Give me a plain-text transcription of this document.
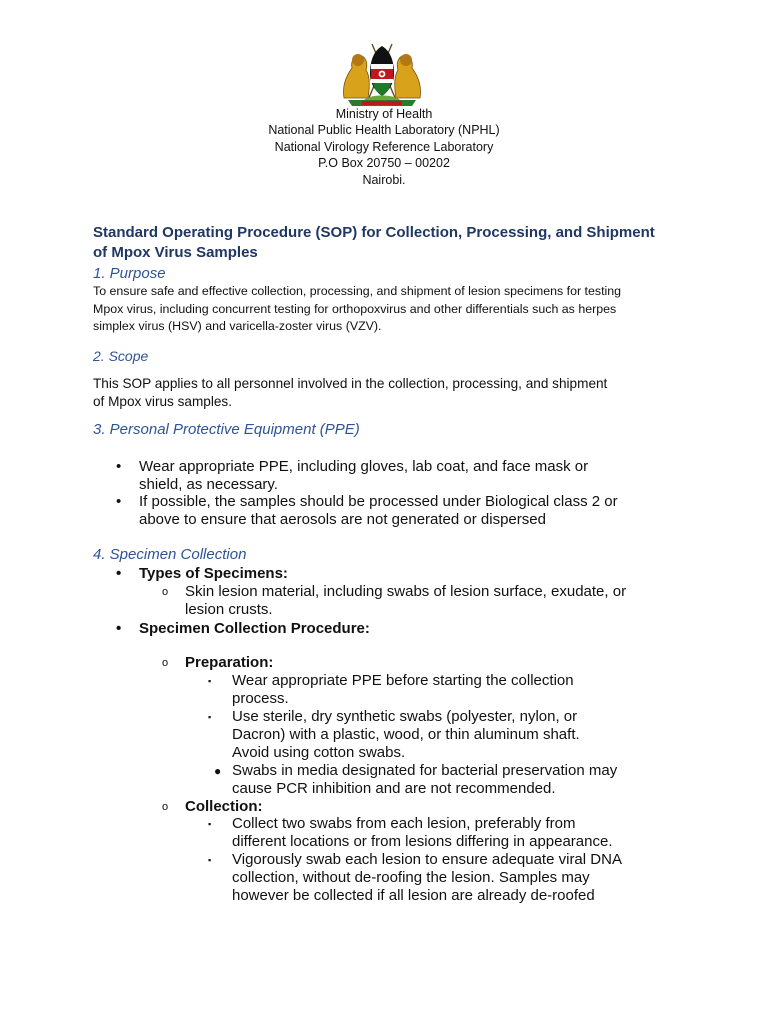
Ministry of Health
National Public Health Laboratory (NPHL)
National Virology Reference Laboratory
P.O Box 20750 – 00202
Nairobi.
Standard Operating Procedure (SOP) for Collection, Processing, and Shipment
of Mpox Virus Samples
1. Purpose
To ensure safe and effective collection, processing, and shipment of lesion specimens for testing
Mpox virus, including concurrent testing for orthopoxvirus and other differentials such as herpes
simplex virus (HSV) and varicella-zoster virus (VZV).
2. Scope
This SOP applies to all personnel involved in the collection, processing, and shipment
of Mpox virus samples.
3. Personal Protective Equipment (PPE)
• Wear appropriate PPE, including gloves, lab coat, and face mask or
shield, as necessary.
• If possible, the samples should be processed under Biological class 2 or
above to ensure that aerosols are not generated or dispersed
4. Specimen Collection
• Types of Specimens:
o Skin lesion material, including swabs of lesion surface, exudate, or
lesion crusts.
• Specimen Collection Procedure:
o Preparation:
▪ Wear appropriate PPE before starting the collection
process.
▪ Use sterile, dry synthetic swabs (polyester, nylon, or
Dacron) with a plastic, wood, or thin aluminum shaft.
Avoid using cotton swabs.
● Swabs in media designated for bacterial preservation may
cause PCR inhibition and are not recommended.
o Collection:
▪ Collect two swabs from each lesion, preferably from
different locations or from lesions differing in appearance.
▪ Vigorously swab each lesion to ensure adequate viral DNA
collection, without de-roofing the lesion. Samples may
however be collected if all lesion are already de-roofed
